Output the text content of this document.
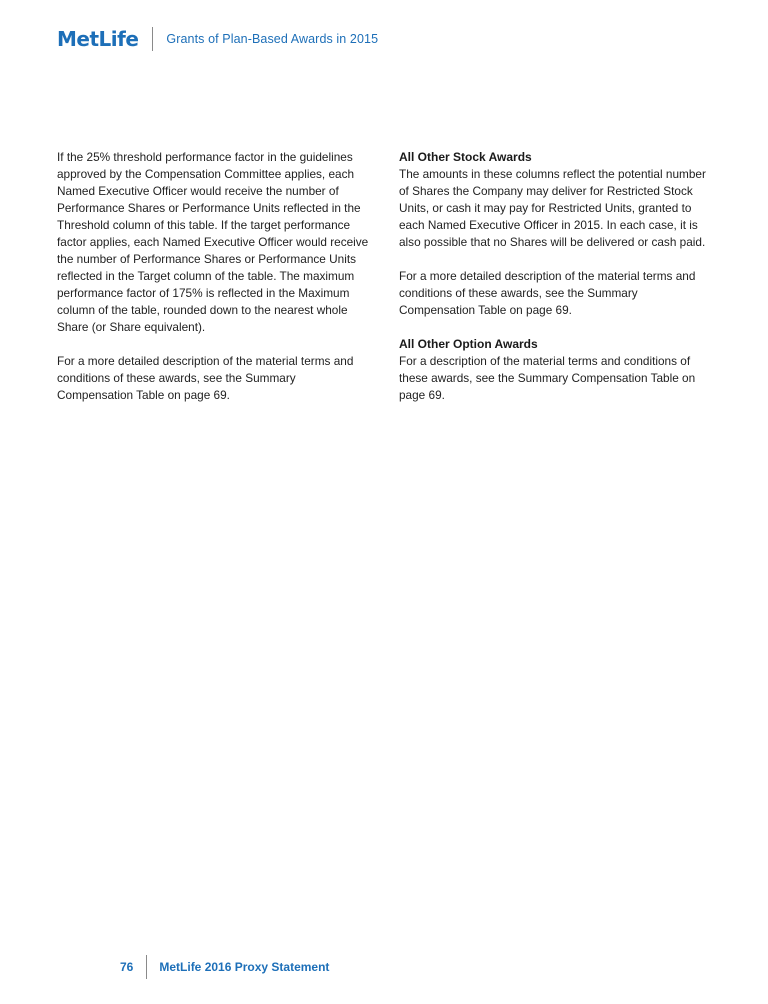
MetLife Grants of Plan-Based Awards in 2015

If the 25% threshold performance factor in the guidelines approved by the Compensation Committee applies, each Named Executive Officer would receive the number of Performance Shares or Performance Units reflected in the Threshold column of this table. If the target performance factor applies, each Named Executive Officer would receive the number of Performance Shares or Performance Units reflected in the Target column of the table. The maximum performance factor of 175% is reflected in the Maximum column of the table, rounded down to the nearest whole Share (or Share equivalent).

For a more detailed description of the material terms and conditions of these awards, see the Summary Compensation Table on page 69.

All Other Stock Awards

The amounts in these columns reflect the potential number of Shares the Company may deliver for Restricted Stock Units, or cash it may pay for Restricted Units, granted to each Named Executive Officer in 2015. In each case, it is also possible that no Shares will be delivered or cash paid.

For a more detailed description of the material terms and conditions of these awards, see the Summary Compensation Table on page 69.

All Other Option Awards

For a description of the material terms and conditions of these awards, see the Summary Compensation Table on page 69.

76 MetLife 2016 Proxy Statement
